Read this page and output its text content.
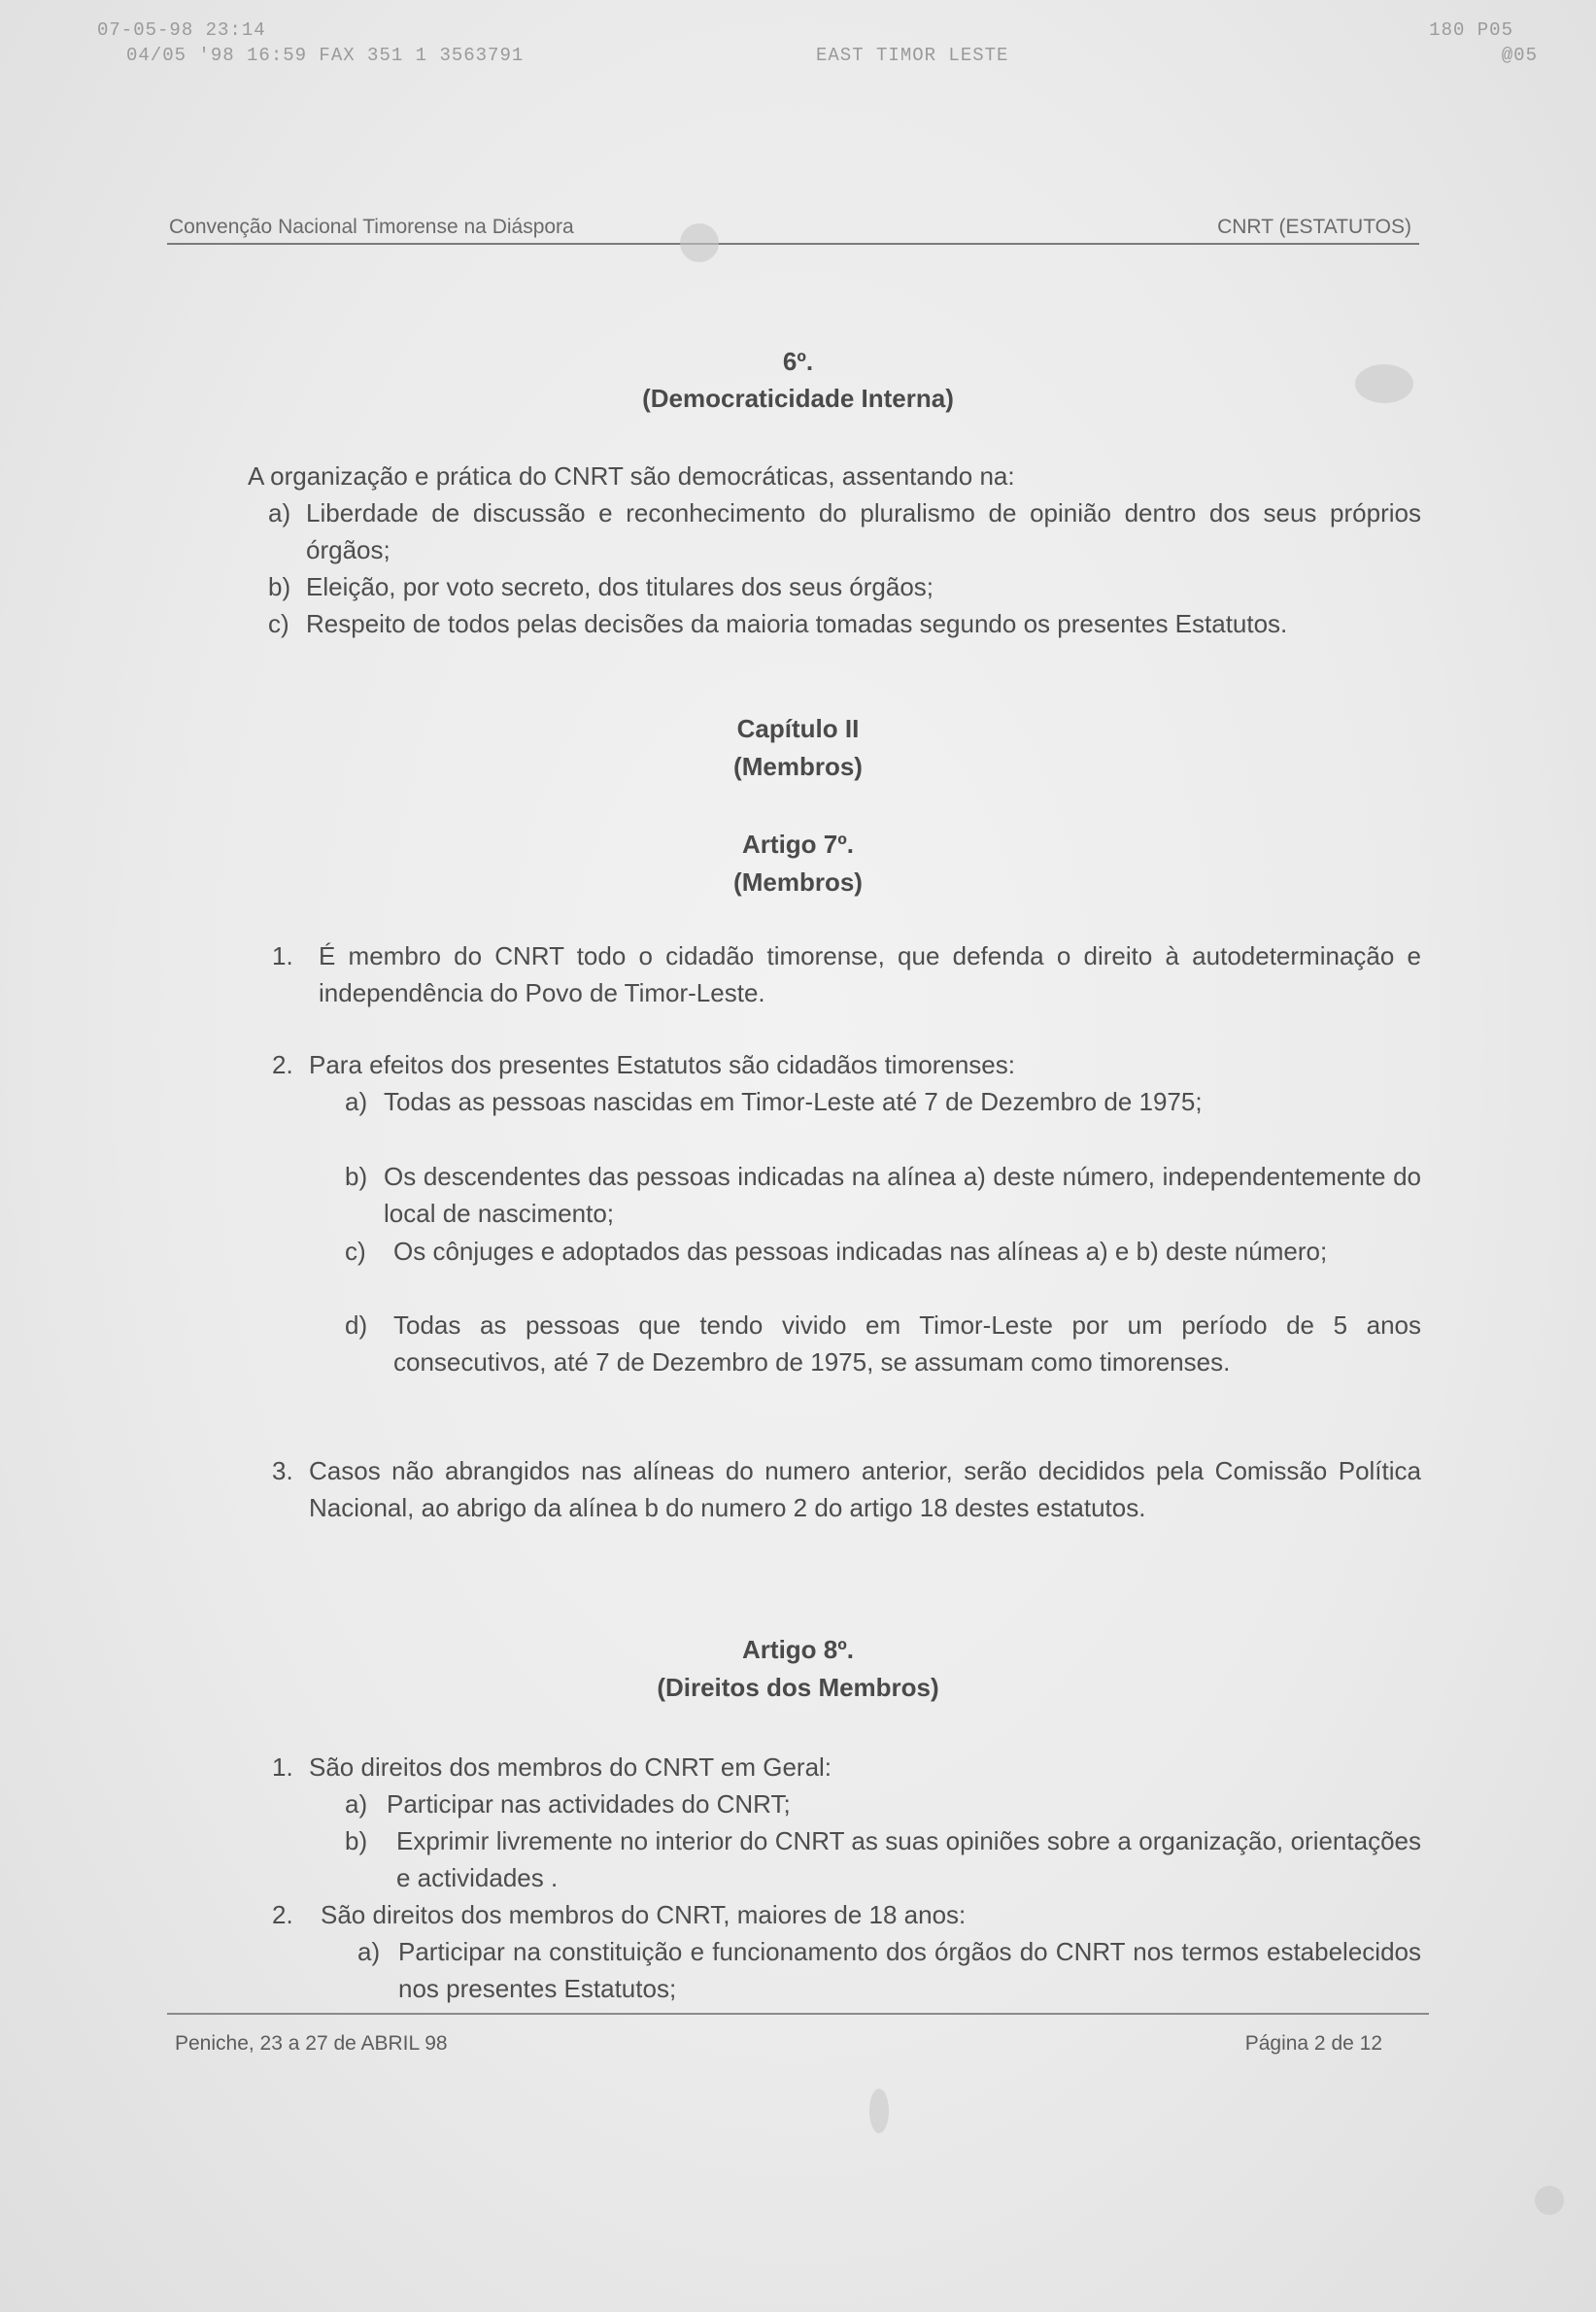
07-05-98 23:14	180 P05
04/05 '98 16:59 FAX 351 1 3563791	EAST TIMOR LESTE	@05
Convenção Nacional Timorense na Diáspora	CNRT (ESTATUTOS)
6º.
(Democraticidade Interna)
A organização e prática do CNRT são democráticas, assentando na:
a) Liberdade de discussão e reconhecimento do pluralismo de opinião dentro dos seus próprios órgãos;
b) Eleição, por voto secreto, dos titulares dos seus órgãos;
c) Respeito de todos pelas decisões da maioria tomadas segundo os presentes Estatutos.
Capítulo II
(Membros)
Artigo 7º.
(Membros)
1. É membro do CNRT todo o cidadão timorense, que defenda o direito à autodeterminação e independência do Povo de Timor-Leste.
2. Para efeitos dos presentes Estatutos são cidadãos timorenses:
a) Todas as pessoas nascidas em Timor-Leste até 7 de Dezembro de 1975;
b) Os descendentes das pessoas indicadas na alínea a) deste número, independentemente do local de nascimento;
c) Os cônjuges e adoptados das pessoas indicadas nas alíneas a) e b) deste número;
d) Todas as pessoas que tendo vivido em Timor-Leste por um período de 5 anos consecutivos, até 7 de Dezembro de 1975, se assumam como timorenses.
3. Casos não abrangidos nas alíneas do numero anterior, serão decididos pela Comissão Política Nacional, ao abrigo da alínea b do numero 2 do artigo 18 destes estatutos.
Artigo 8º.
(Direitos dos Membros)
1. São direitos dos membros do CNRT em Geral:
a) Participar nas actividades do CNRT;
b) Exprimir livremente no interior do CNRT as suas opiniões sobre a organização, orientações e actividades .
2. São direitos dos membros do CNRT, maiores de 18 anos:
a) Participar na constituição e funcionamento dos órgãos do CNRT nos termos estabelecidos nos presentes Estatutos;
Peniche, 23 a 27 de ABRIL 98	Página 2 de 12
